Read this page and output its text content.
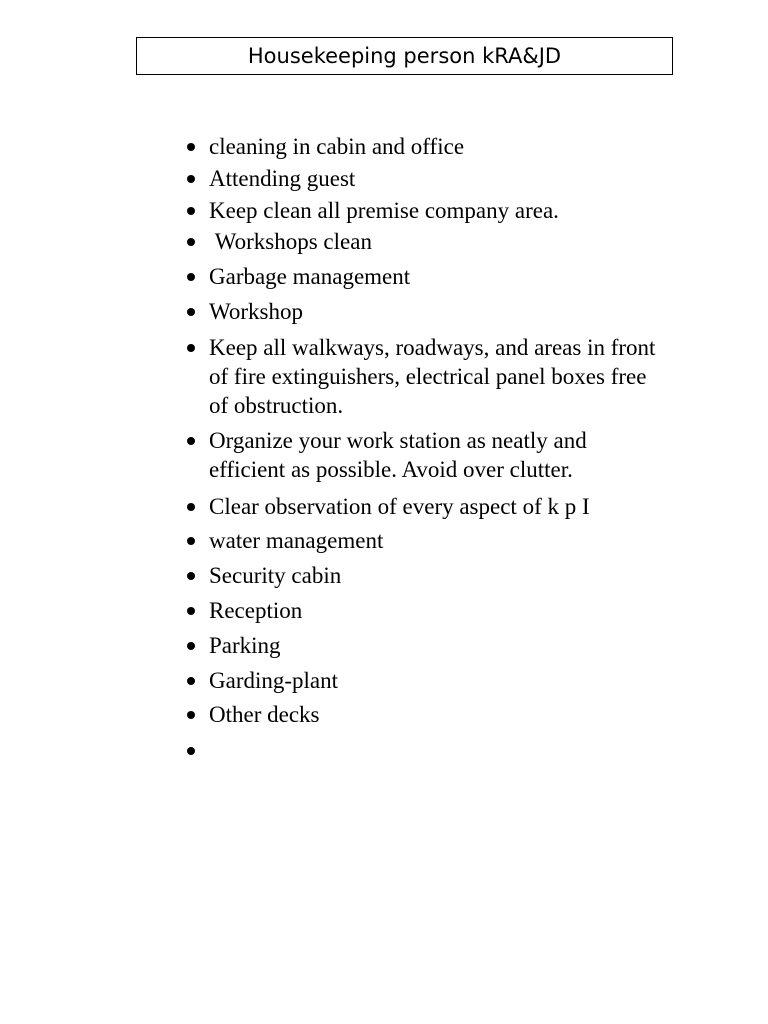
Housekeeping person kRA&JD
cleaning in cabin and office
Attending guest
Keep clean all premise company area.
Workshops clean
Garbage management
Workshop
Keep all walkways, roadways, and areas in front of fire extinguishers, electrical panel boxes free of obstruction.
Organize your work station as neatly and efficient as possible. Avoid over clutter.
Clear observation of every aspect of k p I
water management
Security cabin
Reception
Parking
Garding-plant
Other decks
